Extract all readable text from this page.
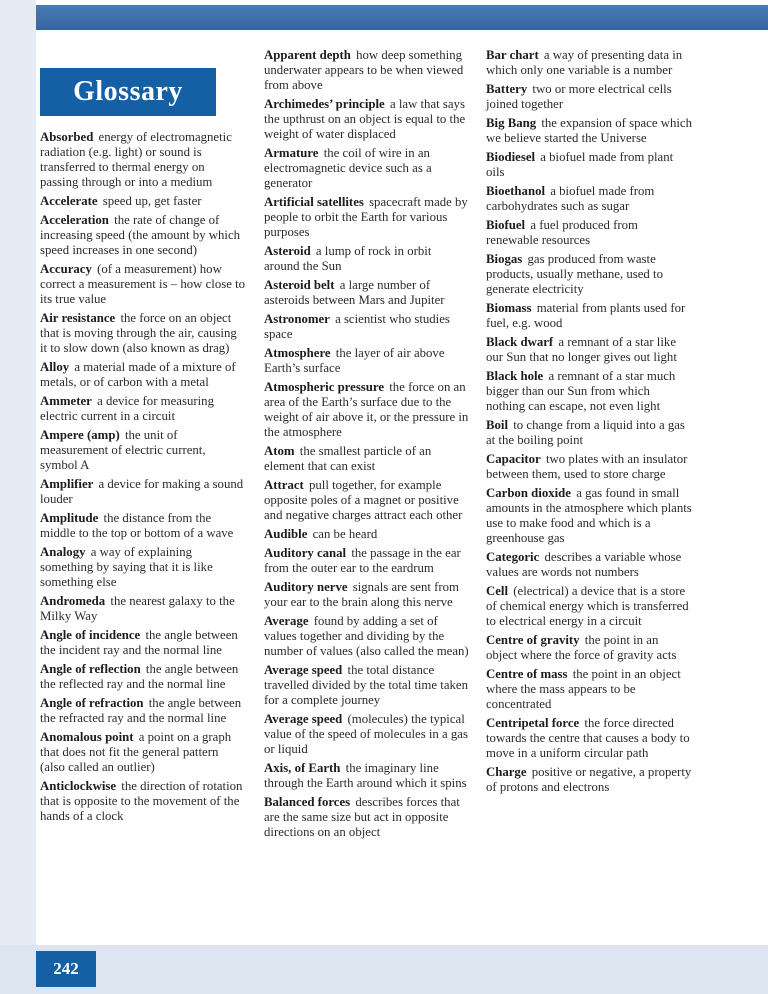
Glossary

Absorbed energy of electromagnetic radiation (e.g. light) or sound is transferred to thermal energy on passing through or into a medium

Accelerate speed up, get faster

Acceleration the rate of change of increasing speed (the amount by which speed increases in one second)

Accuracy (of a measurement) how correct a measurement is – how close to its true value

Air resistance the force on an object that is moving through the air, causing it to slow down (also known as drag)

Alloy a material made of a mixture of metals, or of carbon with a metal

Ammeter a device for measuring electric current in a circuit

Ampere (amp) the unit of measurement of electric current, symbol A

Amplifier a device for making a sound louder

Amplitude the distance from the middle to the top or bottom of a wave

Analogy a way of explaining something by saying that it is like something else

Andromeda the nearest galaxy to the Milky Way

Angle of incidence the angle between the incident ray and the normal line

Angle of reflection the angle between the reflected ray and the normal line

Angle of refraction the angle between the refracted ray and the normal line

Anomalous point a point on a graph that does not fit the general pattern (also called an outlier)

Anticlockwise the direction of rotation that is opposite to the movement of the hands of a clock

Apparent depth how deep something underwater appears to be when viewed from above

Archimedes’ principle a law that says the upthrust on an object is equal to the weight of water displaced

Armature the coil of wire in an electromagnetic device such as a generator

Artificial satellites spacecraft made by people to orbit the Earth for various purposes

Asteroid a lump of rock in orbit around the Sun

Asteroid belt a large number of asteroids between Mars and Jupiter

Astronomer a scientist who studies space

Atmosphere the layer of air above Earth’s surface

Atmospheric pressure the force on an area of the Earth’s surface due to the weight of air above it, or the pressure in the atmosphere

Atom the smallest particle of an element that can exist

Attract pull together, for example opposite poles of a magnet or positive and negative charges attract each other

Audible can be heard

Auditory canal the passage in the ear from the outer ear to the eardrum

Auditory nerve signals are sent from your ear to the brain along this nerve

Average found by adding a set of values together and dividing by the number of values (also called the mean)

Average speed the total distance travelled divided by the total time taken for a complete journey

Average speed (molecules) the typical value of the speed of molecules in a gas or liquid

Axis, of Earth the imaginary line through the Earth around which it spins

Balanced forces describes forces that are the same size but act in opposite directions on an object

Bar chart a way of presenting data in which only one variable is a number

Battery two or more electrical cells joined together

Big Bang the expansion of space which we believe started the Universe

Biodiesel a biofuel made from plant oils

Bioethanol a biofuel made from carbohydrates such as sugar

Biofuel a fuel produced from renewable resources

Biogas gas produced from waste products, usually methane, used to generate electricity

Biomass material from plants used for fuel, e.g. wood

Black dwarf a remnant of a star like our Sun that no longer gives out light

Black hole a remnant of a star much bigger than our Sun from which nothing can escape, not even light

Boil to change from a liquid into a gas at the boiling point

Capacitor two plates with an insulator between them, used to store charge

Carbon dioxide a gas found in small amounts in the atmosphere which plants use to make food and which is a greenhouse gas

Categoric describes a variable whose values are words not numbers

Cell (electrical) a device that is a store of chemical energy which is transferred to electrical energy in a circuit

Centre of gravity the point in an object where the force of gravity acts

Centre of mass the point in an object where the mass appears to be concentrated

Centripetal force the force directed towards the centre that causes a body to move in a uniform circular path

Charge positive or negative, a property of protons and electrons

242
